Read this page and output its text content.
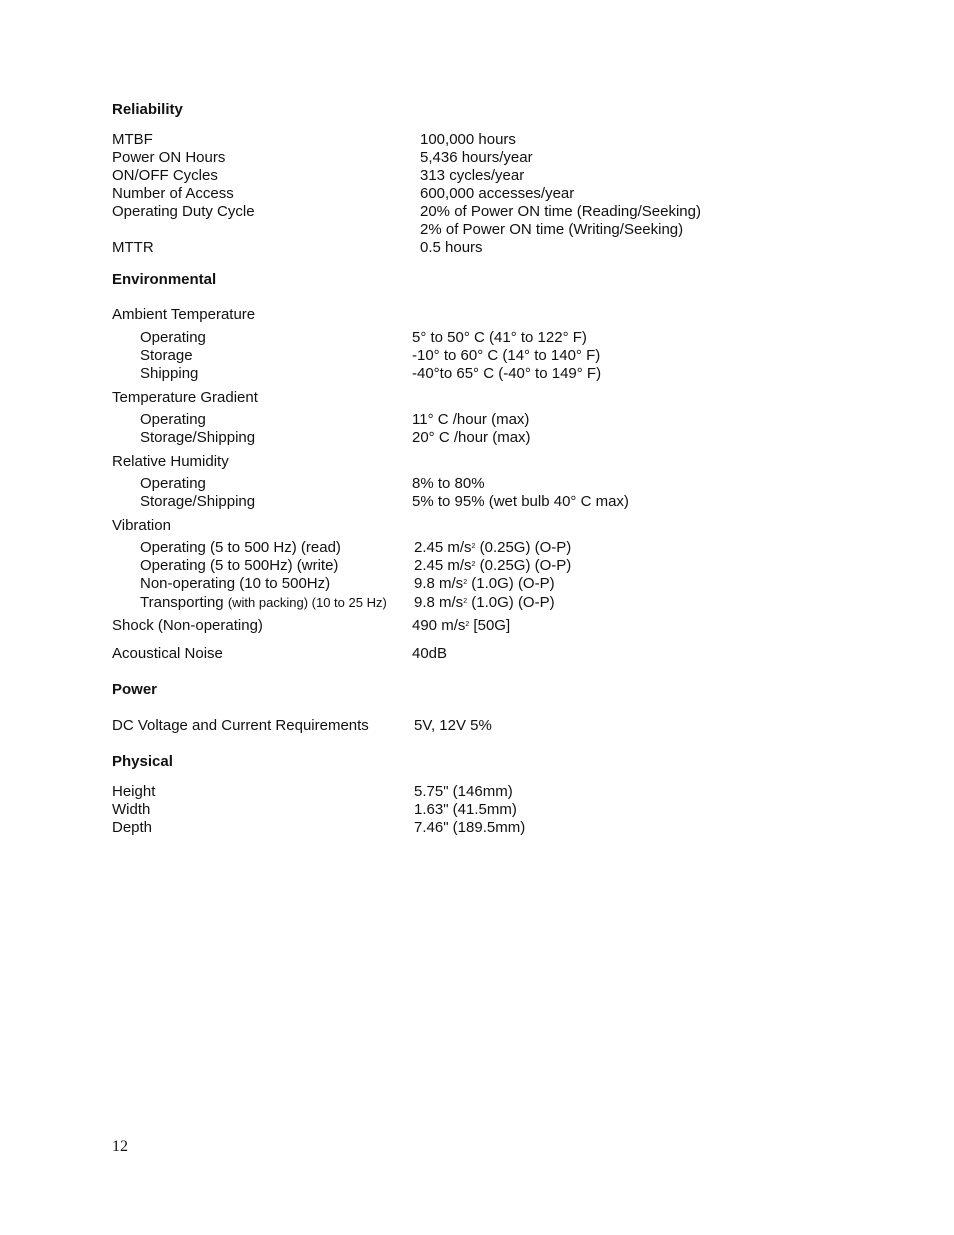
Reliability
MTBF	100,000 hours
Power ON Hours	5,436 hours/year
ON/OFF Cycles	313 cycles/year
Number of Access	600,000 accesses/year
Operating Duty Cycle	20% of Power ON time (Reading/Seeking)
2% of Power ON time (Writing/Seeking)
MTTR	0.5 hours
Environmental
Ambient Temperature
Operating	5° to 50° C (41° to 122° F)
Storage	-10° to 60° C (14° to 140° F)
Shipping	-40°to 65° C (-40° to 149° F)
Temperature Gradient
Operating	11° C /hour (max)
Storage/Shipping	20° C /hour (max)
Relative Humidity
Operating	8% to 80%
Storage/Shipping	5% to 95% (wet bulb 40° C max)
Vibration
Operating (5 to 500 Hz) (read)	2.45 $m/s^2$ (0.25G) (O-P)
Operating (5 to 500Hz) (write)	2.45 $m/s^2$ (0.25G) (O-P)
Non-operating (10 to 500Hz)	9.8 $m/s^2$ (1.0G) (O-P)
Transporting (with packing) (10 to 25 Hz) 9.8 $m/s^2$ (1.0G) (O-P)
Shock (Non-operating)	490 $m/s^2$ [50G]
Acoustical Noise	40dB
Power
DC Voltage and Current Requirements	5V, 12V 5%
Physical
Height	5.75" (146mm)
Width	1.63" (41.5mm)
Depth	7.46" (189.5mm)
12
